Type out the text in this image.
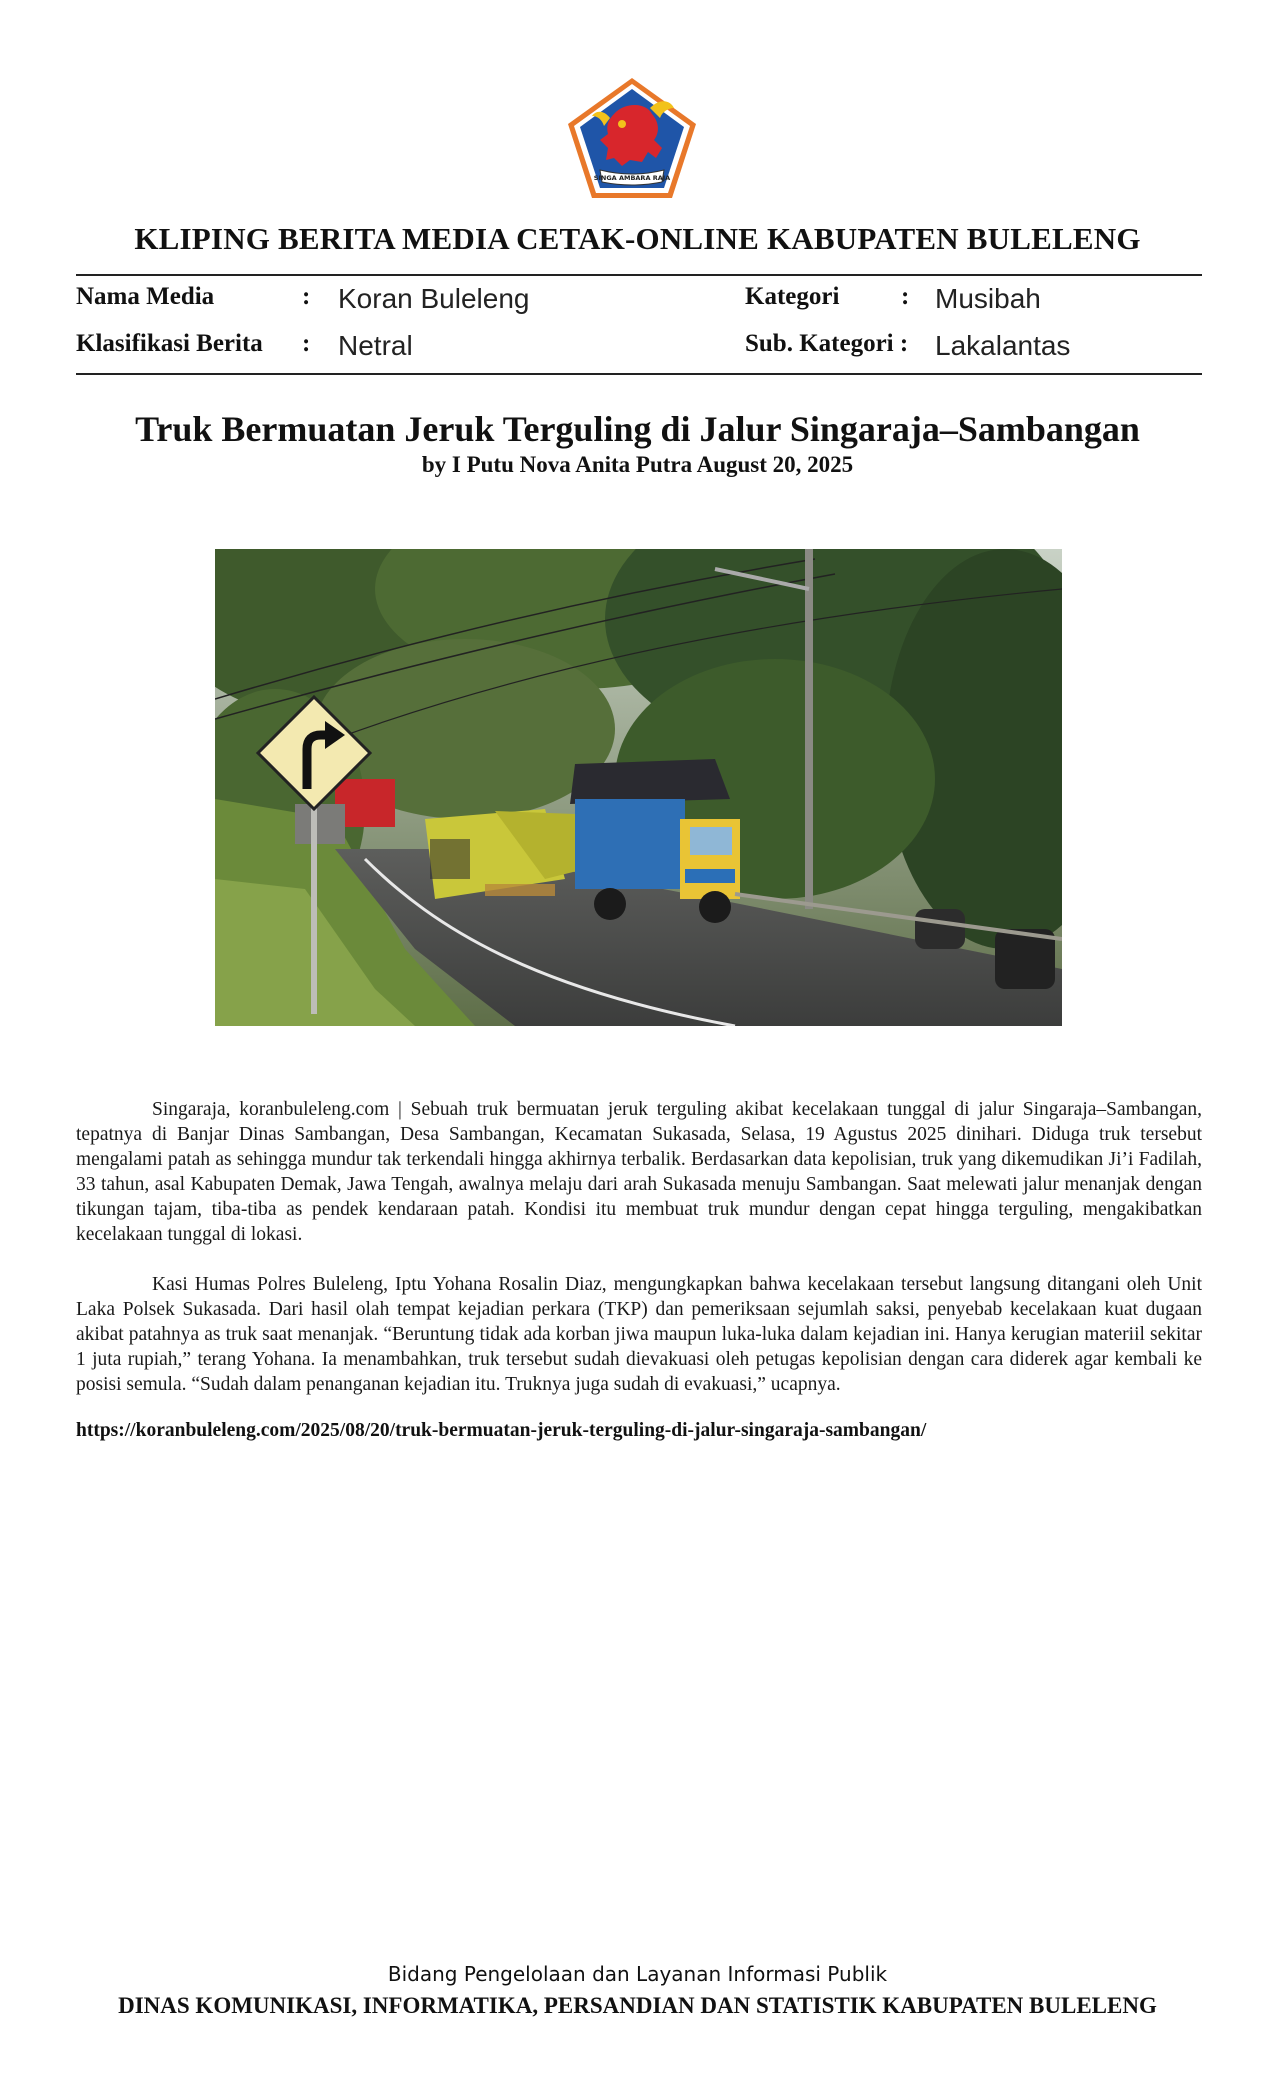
SINGA AMBARA RAJA
KLIPING BERITA MEDIA CETAK-ONLINE KABUPATEN BULELENG
Nama Media	: Koran Buleleng	Kategori : Musibah
Klasifikasi Berita : Netral	Sub. Kategori : Lakalantas
Truk Bermuatan Jeruk Terguling di Jalur Singaraja–Sambangan
by I Putu Nova Anita Putra August 20, 2025

Singaraja, koranbuleleng.com | Sebuah truk bermuatan jeruk terguling akibat kecelakaan tunggal di jalur Singaraja–Sambangan, tepatnya di Banjar Dinas Sambangan, Desa Sambangan, Kecamatan Sukasada, Selasa, 19 Agustus 2025 dinihari. Diduga truk tersebut mengalami patah as sehingga mundur tak terkendali hingga akhirnya terbalik. Berdasarkan data kepolisian, truk yang dikemudikan Ji’i Fadilah, 33 tahun, asal Kabupaten Demak, Jawa Tengah, awalnya melaju dari arah Sukasada menuju Sambangan. Saat melewati jalur menanjak dengan tikungan tajam, tiba-tiba as pendek kendaraan patah. Kondisi itu membuat truk mundur dengan cepat hingga terguling, mengakibatkan kecelakaan tunggal di lokasi.

Kasi Humas Polres Buleleng, Iptu Yohana Rosalin Diaz, mengungkapkan bahwa kecelakaan tersebut langsung ditangani oleh Unit Laka Polsek Sukasada. Dari hasil olah tempat kejadian perkara (TKP) dan pemeriksaan sejumlah saksi, penyebab kecelakaan kuat dugaan akibat patahnya as truk saat menanjak. “Beruntung tidak ada korban jiwa maupun luka-luka dalam kejadian ini. Hanya kerugian materiil sekitar 1 juta rupiah,” terang Yohana. Ia menambahkan, truk tersebut sudah dievakuasi oleh petugas kepolisian dengan cara diderek agar kembali ke posisi semula. “Sudah dalam penanganan kejadian itu. Truknya juga sudah di evakuasi,” ucapnya.

https://koranbuleleng.com/2025/08/20/truk-bermuatan-jeruk-terguling-di-jalur-singaraja-sambangan/
Bidang Pengelolaan dan Layanan Informasi Publik
DINAS KOMUNIKASI, INFORMATIKA, PERSANDIAN DAN STATISTIK KABUPATEN BULELENG
